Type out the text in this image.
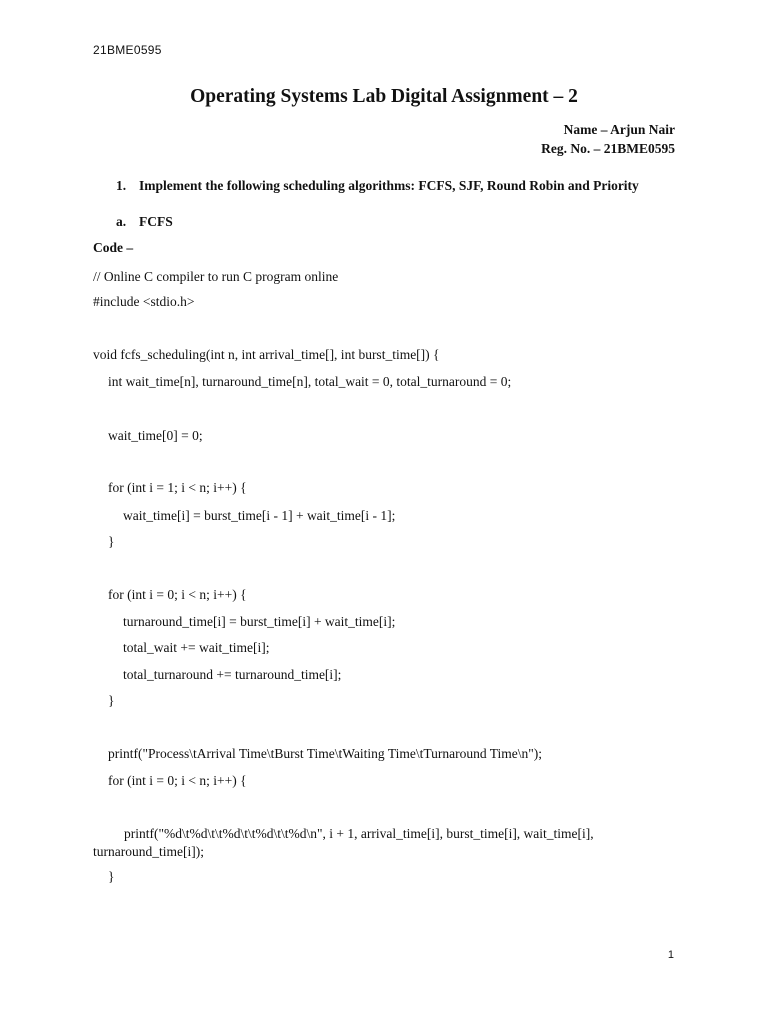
21BME0595
Operating Systems Lab Digital Assignment – 2
Name – Arjun Nair
Reg. No. – 21BME0595
1. Implement the following scheduling algorithms: FCFS, SJF, Round Robin and Priority
a. FCFS
Code –
// Online C compiler to run C program online
#include <stdio.h>
void fcfs_scheduling(int n, int arrival_time[], int burst_time[]) {
int wait_time[n], turnaround_time[n], total_wait = 0, total_turnaround = 0;
wait_time[0] = 0;
for (int i = 1; i < n; i++) {
wait_time[i] = burst_time[i - 1] + wait_time[i - 1];
}
for (int i = 0; i < n; i++) {
turnaround_time[i] = burst_time[i] + wait_time[i];
total_wait += wait_time[i];
total_turnaround += turnaround_time[i];
}
printf("Process\tArrival Time\tBurst Time\tWaiting Time\tTurnaround Time\n");
for (int i = 0; i < n; i++) {
printf("%d\t%d\t\t%d\t\t%d\t\t%d\n", i + 1, arrival_time[i], burst_time[i], wait_time[i], turnaround_time[i]);
}
1
